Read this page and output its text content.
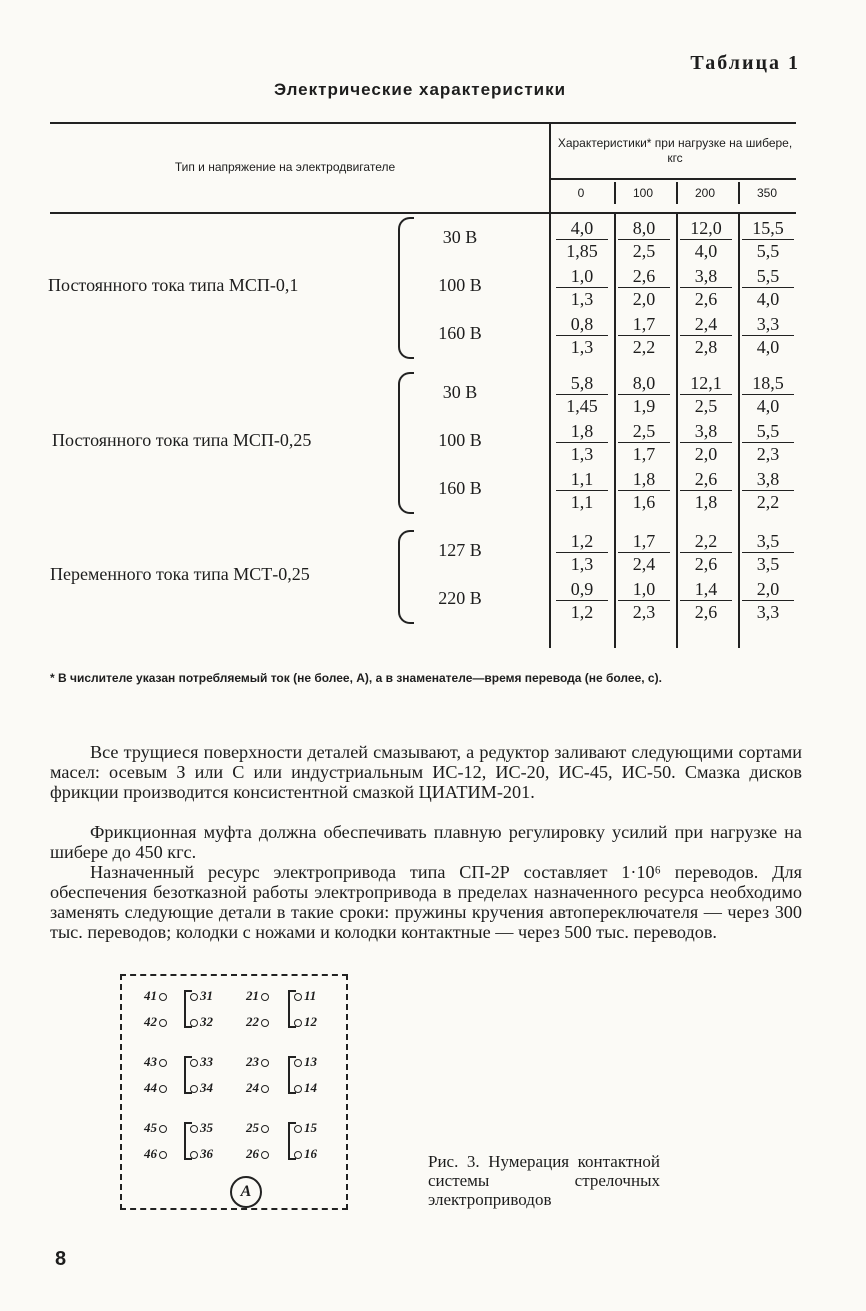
Таблица 1
Электрические характеристики
Тип и напряжение на электродвигателе
Характеристики* при нагрузке на шибере, кгс
0	100	200	350
Постоянного тока типа МСП-0,1
30 В	$\frac{4,0}{1,85} \frac{8,0}{2,5} \frac{12,0}{4,0} \frac{15,5}{5,5}$
100 В	$\frac{1,0}{1,3} \frac{2,6}{2,0} \frac{3,8}{2,6} \frac{5,5}{4,0}$
160 В	$\frac{0,8}{1,3} \frac{1,7}{2,2} \frac{2,4}{2,8} \frac{3,3}{4,0}$
Постоянного тока типа МСП-0,25
30 В	$\frac{5,8}{1,45} \frac{8,0}{1,9} \frac{12,1}{2,5} \frac{18,5}{4,0}$
100 В	$\frac{1,8}{1,3} \frac{2,5}{1,7} \frac{3,8}{2,0} \frac{5,5}{2,3}$
160 В	$\frac{1,1}{1,1} \frac{1,8}{1,6} \frac{2,6}{1,8} \frac{3,8}{2,2}$
Переменного тока типа МСТ-0,25
127 В	$\frac{1,2}{1,3} \frac{1,7}{2,4} \frac{2,2}{2,6} \frac{3,5}{3,5}$
220 В	$\frac{0,9}{1,2} \frac{1,0}{2,3} \frac{1,4}{2,6} \frac{2,0}{3,3}$
* В числителе указан потребляемый ток (не более, А), а в знаменателе—время перевода (не более, с).

Все трущиеся поверхности деталей смазывают, а редуктор заливают следующими сортами масел: осевым З или С или индустриальным ИС-12, ИС-20, ИС-45, ИС-50. Смазка дисков фрикции производится консистентной смазкой ЦИАТИМ-201.

Фрикционная муфта должна обеспечивать плавную регулировку усилий при нагрузке на шибере до 450 кгс.

Назначенный ресурс электропривода типа СП-2Р составляет 1·10⁶ переводов. Для обеспечения безотказной работы электропривода в пределах назначенного ресурса необходимо заменять следующие детали в такие сроки: пружины кручения автопереключателя — через 300 тыс. переводов; колодки с ножами и колодки контактные — через 500 тыс. переводов.

41	31	21	11
42	32	22	12
43	33	23	13
44	34	24	14
45	35	25	15
46	36	26	16
A
Рис. 3. Нумерация контактной системы стрелочных электроприводов
8
